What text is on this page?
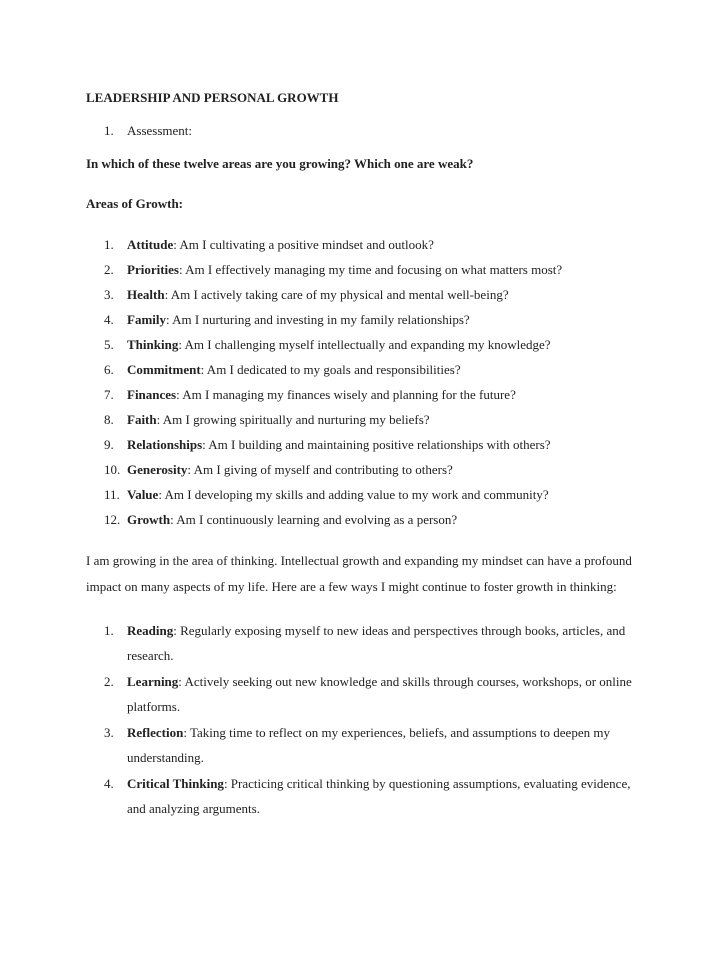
LEADERSHIP AND PERSONAL GROWTH

1.	Assessment:

In which of these twelve areas are you growing? Which one are weak?

Areas of Growth:

1.	Attitude: Am I cultivating a positive mindset and outlook?
2.	Priorities: Am I effectively managing my time and focusing on what matters most?
3.	Health: Am I actively taking care of my physical and mental well-being?
4.	Family: Am I nurturing and investing in my family relationships?
5.	Thinking: Am I challenging myself intellectually and expanding my knowledge?
6.	Commitment: Am I dedicated to my goals and responsibilities?
7.	Finances: Am I managing my finances wisely and planning for the future?
8.	Faith: Am I growing spiritually and nurturing my beliefs?
9.	Relationships: Am I building and maintaining positive relationships with others?
10. Generosity: Am I giving of myself and contributing to others?
11. Value: Am I developing my skills and adding value to my work and community?
12. Growth: Am I continuously learning and evolving as a person?

I am growing in the area of thinking. Intellectual growth and expanding my mindset can have a profound impact on many aspects of my life. Here are a few ways I might continue to foster growth in thinking:

1.	Reading: Regularly exposing myself to new ideas and perspectives through books, articles, and research.
2.	Learning: Actively seeking out new knowledge and skills through courses, workshops, or online platforms.
3.	Reflection: Taking time to reflect on my experiences, beliefs, and assumptions to deepen my understanding.
4.	Critical Thinking: Practicing critical thinking by questioning assumptions, evaluating evidence, and analyzing arguments.
